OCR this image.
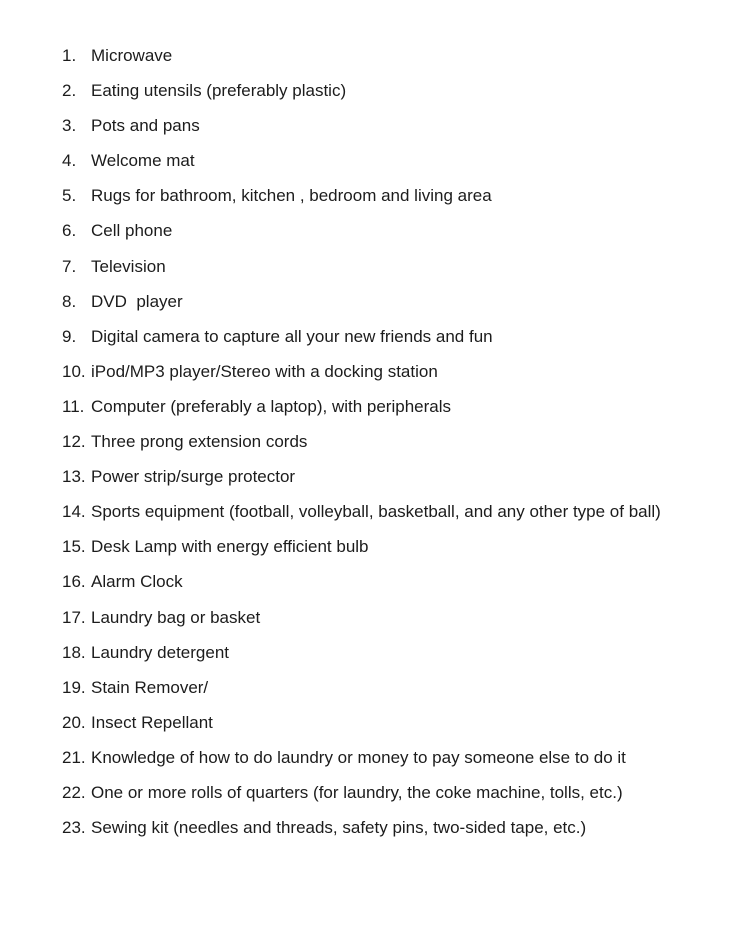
1. Microwave
2. Eating utensils (preferably plastic)
3. Pots and pans
4. Welcome mat
5. Rugs for bathroom, kitchen , bedroom and living area
6. Cell phone
7. Television
8. DVD  player
9. Digital camera to capture all your new friends and fun
10. iPod/MP3 player/Stereo with a docking station
11. Computer (preferably a laptop), with peripherals
12. Three prong extension cords
13. Power strip/surge protector
14. Sports equipment (football, volleyball, basketball, and any other type of ball)
15. Desk Lamp with energy efficient bulb
16. Alarm Clock
17. Laundry bag or basket
18. Laundry detergent
19. Stain Remover/
20. Insect Repellant
21. Knowledge of how to do laundry or money to pay someone else to do it
22. One or more rolls of quarters (for laundry, the coke machine, tolls, etc.)
23. Sewing kit (needles and threads, safety pins, two-sided tape, etc.)
